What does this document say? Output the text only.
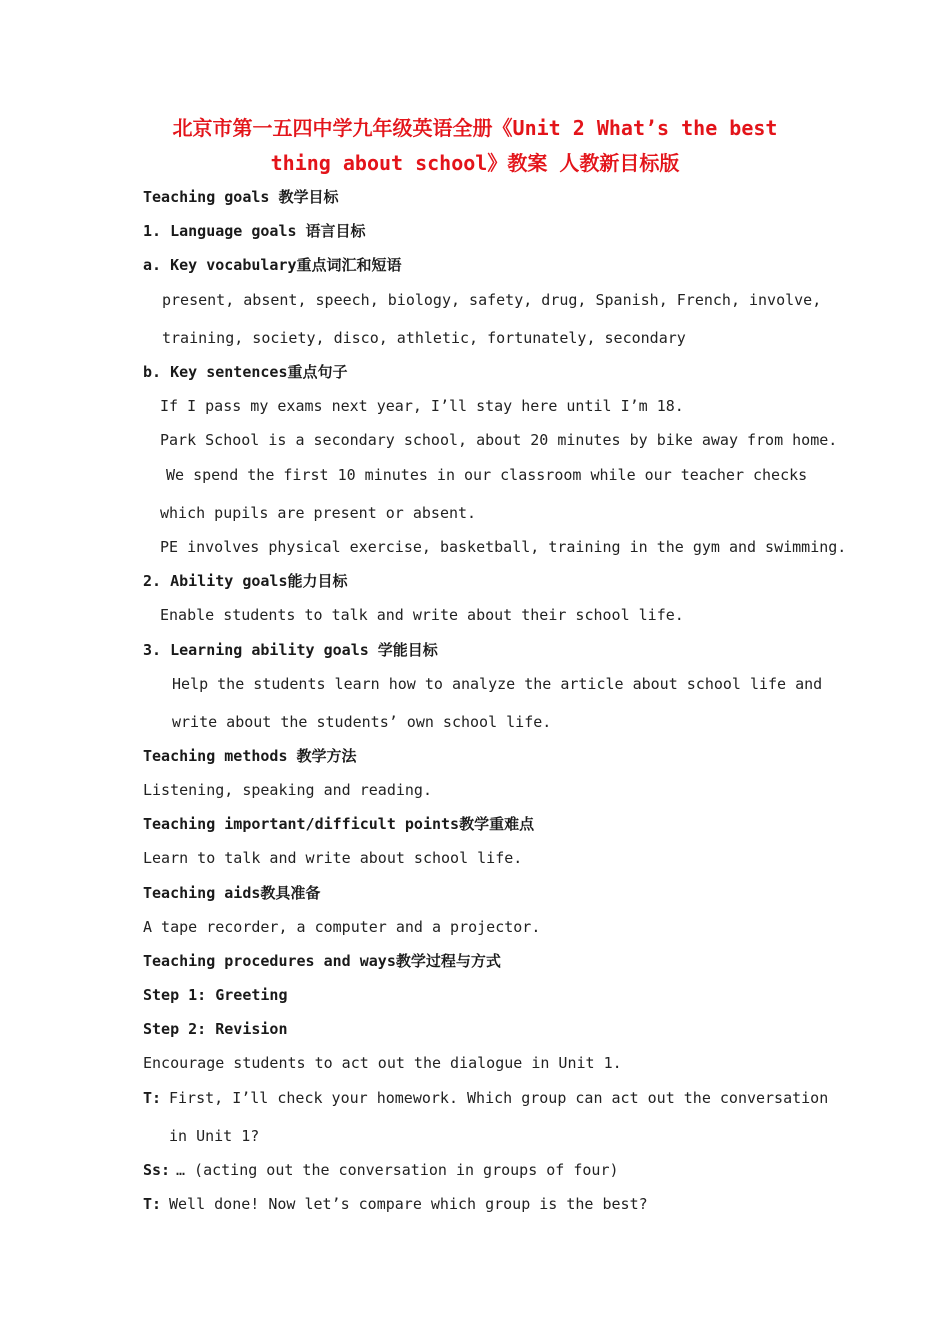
北京市第一五四中学九年级英语全册《Unit 2 What’s the best
thing about school》教案 人教新目标版
Teaching goals 教学目标
1. Language goals 语言目标
a. Key vocabulary重点词汇和短语
present, absent, speech, biology, safety, drug, Spanish, French, involve,
training, society, disco, athletic, fortunately, secondary
b. Key sentences重点句子
If I pass my exams next year, I’ll stay here until I’m 18.
Park School is a secondary school, about 20 minutes by bike away from home.
We spend the first 10 minutes in our classroom while our teacher checks
which pupils are present or absent.
PE involves physical exercise, basketball, training in the gym and swimming.
2. Ability goals能力目标
Enable students to talk and write about their school life.
3. Learning ability goals 学能目标
Help the students learn how to analyze the article about school life and
write about the students’ own school life.
Teaching methods 教学方法
Listening, speaking and reading.
Teaching important/difficult points教学重难点
Learn to talk and write about school life.
Teaching aids教具准备
A tape recorder, a computer and a projector.
Teaching procedures and ways教学过程与方式
Step 1: Greeting
Step 2: Revision
Encourage students to act out the dialogue in Unit 1.
T: First, I’ll check your homework. Which group can act out the conversation
in Unit 1?
Ss: … (acting out the conversation in groups of four)
T: Well done! Now let’s compare which group is the best?
